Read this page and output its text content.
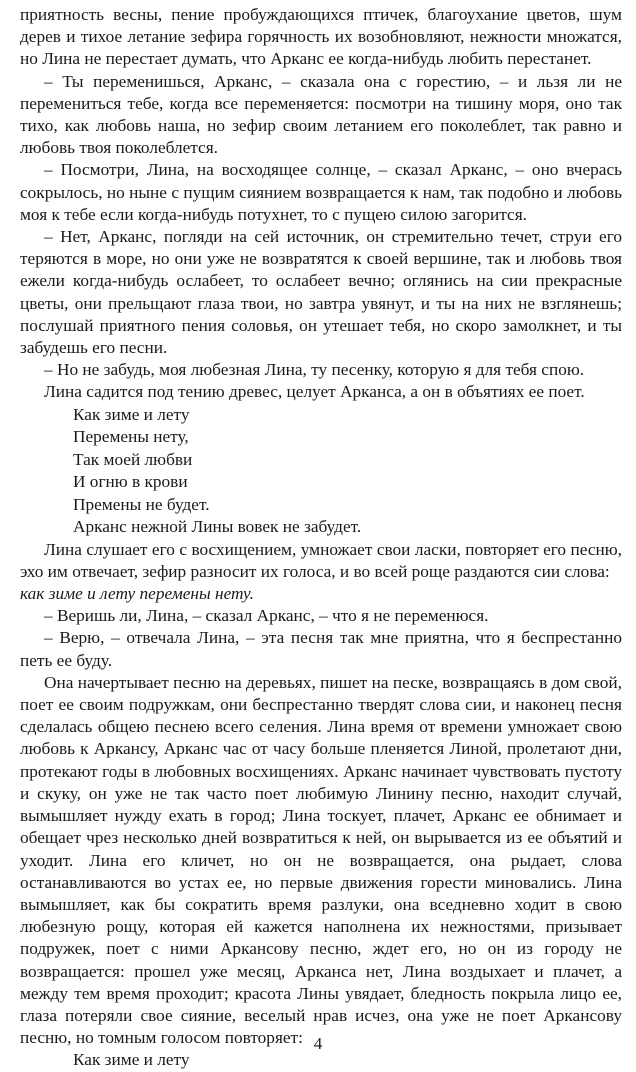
приятность весны, пение пробуждающихся птичек, благоухание цветов, шум дерев и тихое летание зефира горячность их возобновляют, нежности множатся, но Лина не перестает думать, что Арканс ее когда-нибудь любить перестанет.

– Ты переменишься, Арканс, – сказала она с горестию, – и льзя ли не перемениться тебе, когда все переменяется: посмотри на тишину моря, оно так тихо, как любовь наша, но зефир своим летанием его поколеблет, так равно и любовь твоя поколеблется.

– Посмотри, Лина, на восходящее солнце, – сказал Арканс, – оно вчерась сокрылось, но ныне с пущим сиянием возвращается к нам, так подобно и любовь моя к тебе если когда-нибудь потухнет, то с пущею силою загорится.

– Нет, Арканс, погляди на сей источник, он стремительно течет, струи его теряются в море, но они уже не возвратятся к своей вершине, так и любовь твоя ежели когда-нибудь ослабеет, то ослабеет вечно; оглянись на сии прекрасные цветы, они прельщают глаза твои, но завтра увянут, и ты на них не взглянешь; послушай приятного пения соловья, он утешает тебя, но скоро замолкнет, и ты забудешь его песни.

– Но не забудь, моя любезная Лина, ту песенку, которую я для тебя спою.

Лина садится под тению древес, целует Арканса, а он в объятиях ее поет.

Как зиме и лету
Перемены нету,
Так моей любви
И огню в крови
Премены не будет.
Арканс нежной Лины вовек не забудет.

Лина слушает его с восхищением, умножает свои ласки, повторяет его песню, эхо им отвечает, зефир разносит их голоса, и во всей роще раздаются сии слова:
как зиме и лету перемены нету.

– Веришь ли, Лина, – сказал Арканс, – что я не переменюся.

– Верю, – отвечала Лина, – эта песня так мне приятна, что я беспрестанно петь ее буду.

Она начертывает песню на деревьях, пишет на песке, возвращаясь в дом свой, поет ее своим подружкам, они беспрестанно твердят слова сии, и наконец песня сделалась общею песнею всего селения. Лина время от времени умножает свою любовь к Аркансу, Арканс час от часу больше пленяется Линой, пролетают дни, протекают годы в любовных восхищениях. Арканс начинает чувствовать пустоту и скуку, он уже не так часто поет любимую Линину песню, находит случай, вымышляет нужду ехать в город; Лина тоскует, плачет, Арканс ее обнимает и обещает чрез несколько дней возвратиться к ней, он вырывается из ее объятий и уходит. Лина его кличет, но он не возвращается, она рыдает, слова останавливаются во устах ее, но первые движения горести миновались. Лина вымышляет, как бы сократить время разлуки, она вседневно ходит в свою любезную рощу, которая ей кажется наполнена их нежностями, призывает подружек, поет с ними Арканcову песню, ждет его, но он из городу не возвращается: прошел уже месяц, Арканса нет, Лина воздыхает и плачет, а между тем время проходит; красота Лины увядает, бледность покрыла лицо ее, глаза потеряли свое сияние, веселый нрав исчез, она уже не поет Аркансову песню, но томным голосом повторяет:

Как зиме и лету
4
